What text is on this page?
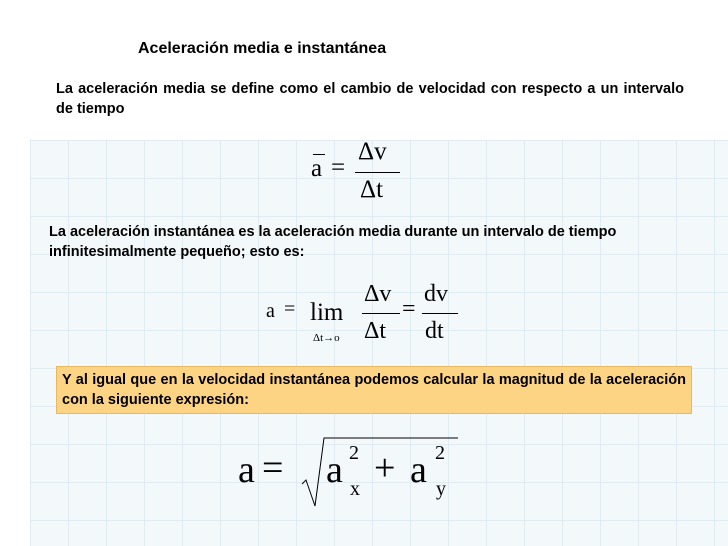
Aceleración media e instantánea
La aceleración media se define como el cambio de velocidad con respecto a un intervalo de tiempo
a =
Δv
Δt
La aceleración instantánea es la aceleración media durante un intervalo de tiempo infinitesimalmente pequeño; esto es:
a = lim
Δt→o
Δv
Δt
=
dv
dt
Y al igual que en la velocidad instantánea podemos calcular la magnitud de la aceleración con la siguiente expresión:
a = a 2
x + a 2
y
